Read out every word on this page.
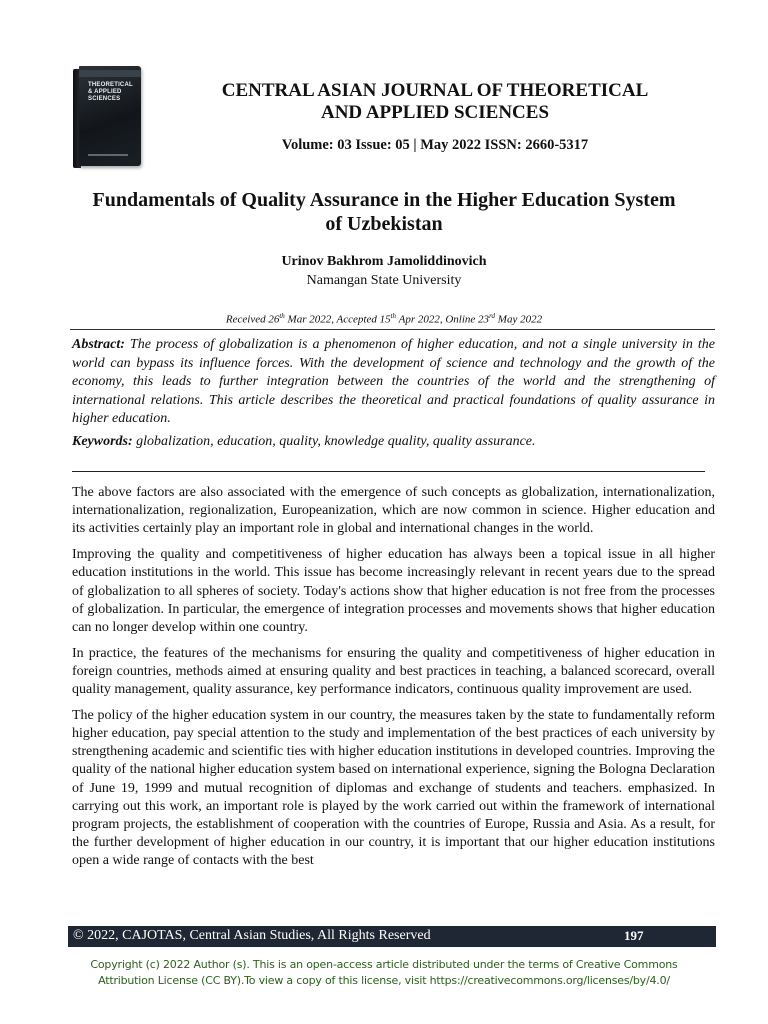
THEORETICAL & APPLIED SCIENCES	CENTRAL ASIAN JOURNAL OF THEORETICAL
AND APPLIED SCIENCES
Volume: 03 Issue: 05 | May 2022 ISSN: 2660-5317
Fundamentals of Quality Assurance in the Higher Education System
of Uzbekistan
Urinov Bakhrom Jamoliddinovich
Namangan State University
Received 26th Mar 2022, Accepted 15th Apr 2022, Online 23rd May 2022
Abstract: The process of globalization is a phenomenon of higher education, and not a single university in the world can bypass its influence forces. With the development of science and technology and the growth of the economy, this leads to further integration between the countries of the world and the strengthening of international relations. This article describes the theoretical and practical foundations of quality assurance in higher education.
Keywords: globalization, education, quality, knowledge quality, quality assurance.

The above factors are also associated with the emergence of such concepts as globalization, internationalization, internationalization, regionalization, Europeanization, which are now common in science. Higher education and its activities certainly play an important role in global and international changes in the world.

Improving the quality and competitiveness of higher education has always been a topical issue in all higher education institutions in the world. This issue has become increasingly relevant in recent years due to the spread of globalization to all spheres of society. Today's actions show that higher education is not free from the processes of globalization. In particular, the emergence of integration processes and movements shows that higher education can no longer develop within one country.

In practice, the features of the mechanisms for ensuring the quality and competitiveness of higher education in foreign countries, methods aimed at ensuring quality and best practices in teaching, a balanced scorecard, overall quality management, quality assurance, key performance indicators, continuous quality improvement are used.

The policy of the higher education system in our country, the measures taken by the state to fundamentally reform higher education, pay special attention to the study and implementation of the best practices of each university by strengthening academic and scientific ties with higher education institutions in developed countries. Improving the quality of the national higher education system based on international experience, signing the Bologna Declaration of June 19, 1999 and mutual recognition of diplomas and exchange of students and teachers. emphasized. In carrying out this work, an important role is played by the work carried out within the framework of international program projects, the establishment of cooperation with the countries of Europe, Russia and Asia. As a result, for the further development of higher education in our country, it is important that our higher education institutions open a wide range of contacts with the best

© 2022, CAJOTAS, Central Asian Studies, All Rights Reserved	197
Copyright (c) 2022 Author (s). This is an open-access article distributed under the terms of Creative Commons
Attribution License (CC BY).To view a copy of this license, visit https://creativecommons.org/licenses/by/4.0/
